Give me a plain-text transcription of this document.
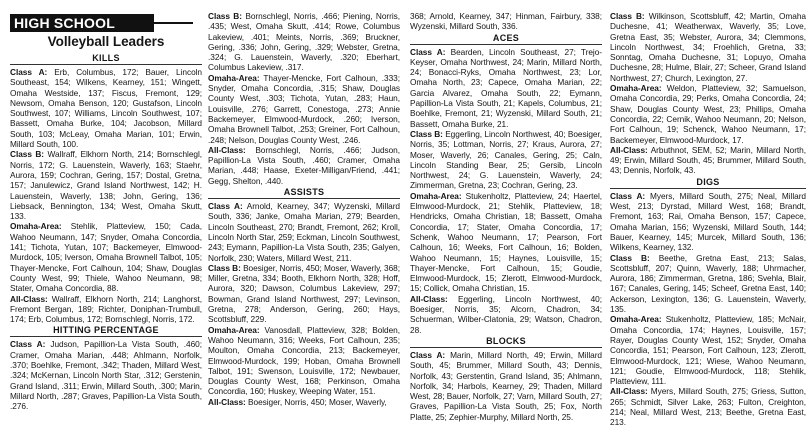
HIGH SCHOOL
Volleyball Leaders
KILLS

Class A: Erb, Columbus, 172; Bauer, Lincoln Southeast, 154; Wilkens, Kearney, 151; Wingett, Omaha Westside, 137; Fiscus, Fremont, 129; Newsom, Omaha Benson, 120; Gustafson, Lincoln Southwest, 107; Williams, Lincoln Southwest, 107; Bassett, Omaha Burke, 104; Jacobson, Millard South, 103; McLeay, Omaha Marian, 101; Erwin, Millard South, 100.

Class B: Wallraff, Elkhorn North, 214; Bornschlegl, Norris, 172; G. Lauenstein, Waverly, 163; Staehr, Aurora, 159; Cochran, Gering, 157; Dostal, Gretna, 157; Janulewicz, Grand Island Northwest, 142; H. Lauenstein, Waverly, 138; John, Gering, 136; Liebsack, Bennington, 134; West, Omaha Skutt, 133.

Omaha-Area: Stehlik, Platteview, 150; Cada, Wahoo Neumann, 147; Snyder, Omaha Concordia, 141; Tichota, Yutan, 107; Backemeyer, Elmwood-Murdock, 105; Iverson, Omaha Brownell Talbot, 105; Thayer-Mencke, Fort Calhoun, 104; Shaw, Douglas County West, 99; Thiele, Wahoo Neumann, 98; Stater, Omaha Concordia, 88.

All-Class: Wallraff, Elkhorn North, 214; Langhorst, Fremont Bergan, 189; Richter, Doniphan-Trumbull, 174; Erb, Columbus, 172; Bornschlegl, Norris, 172.

HITTING PERCENTAGE

Class A: Judson, Papillion-La Vista South, .460; Cramer, Omaha Marian, .448; Ahlmann, Norfolk, .370; Boehlke, Fremont, .342; Thaden, Millard West, .324; McKernan, Lincoln North Star, .312; Gerstenin, Grand Island, .311; Erwin, Millard South, .300; Marin, Millard North, .287; Graves, Papillion-La Vista South, .276.

Class B: Bornschlegl, Norris, .466; Piening, Norris, .435; West, Omaha Skutt, .414; Rowe, Columbus Lakeview, .401; Meints, Norris, .369; Bruckner, Gering, .336; John, Gering, .329; Webster, Gretna, .324; G. Lauenstein, Waverly, .320; Eberhart, Columbus Lakeview, .317.

Omaha-Area: Thayer-Mencke, Fort Calhoun, .333; Snyder, Omaha Concordia, .315; Shaw, Douglas County West, .303; Tichota, Yutan, .283; Haun, Louisville, .276; Garrett, Conestoga, .273; Annie Backemeyer, Elmwood-Murdock, .260; Iverson, Omaha Brownell Talbot, .253; Greiner, Fort Calhoun, .248; Nelson, Douglas County West, .246.

All-Class: Bornschlegl, Norris, .466; Judson, Papillion-La Vista South, .460; Cramer, Omaha Marian, .448; Haase, Exeter-Milligan/Friend, .441; Gegg, Shelton, .440.

ASSISTS

Class A: Arnold, Kearney, 347; Wyzenski, Millard South, 336; Janke, Omaha Marian, 279; Bearden, Lincoln Southeast, 270; Brandt, Fremont, 262; Kroll, Lincoln North Star, 259; Eckman, Lincoln Southwest, 243; Eymann, Papillion-La Vista South, 235; Galyen, Norfolk, 230; Waters, Millard West, 211.

Class B: Boesiger, Norris, 450; Moser, Waverly, 368; Miller, Gretna, 334; Booth, Elkhorn North, 328; Hoff, Aurora, 320; Dawson, Columbus Lakeview, 297; Bowman, Grand Island Northwest, 297; Levinson, Gretna, 278; Anderson, Gering, 260; Hays, Scottsbluff, 229.

Omaha-Area: Vanosdall, Platteview, 328; Bolden, Wahoo Neumann, 316; Weeks, Fort Calhoun, 235; Moulton, Omaha Concordia, 213; Backemeyer, Elmwood-Murdock, 199; Hoban, Omaha Brownell Talbot, 191; Swenson, Louisville, 172; Newbauer, Douglas County West, 168; Perkinson, Omaha Concordia, 160; Huskey, Weeping Water, 151.

All-Class: Boesiger, Norris, 450; Moser, Waverly,

368; Arnold, Kearney, 347; Hinman, Fairbury, 338; Wyzenski, Millard South, 336.

ACES

Class A: Bearden, Lincoln Southeast, 27; Trejo-Keyser, Omaha Northwest, 24; Marin, Millard North, 24; Bonacci-Ryks, Omaha Northwest, 23; Lor, Omaha North, 23; Capece, Omaha Marian, 22; Garcia Alvarez, Omaha South, 22; Eymann, Papillion-La Vista South, 21; Kapels, Columbus, 21; Boehlke, Fremont, 21; Wyzenski, Millard South, 21; Bassett, Omaha Burke, 21.

Class B: Eggerling, Lincoln Northwest, 40; Boesiger, Norris, 35; Lottman, Norris, 27; Kraus, Aurora, 27; Moser, Waverly, 26; Canales, Gering, 25; Caln, Lincoln Standing Bear, 25; Gersib, Lincoln Northwest, 24; G. Lauenstein, Waverly, 24; Zimmerman, Gretna, 23; Cochran, Gering, 23.

Omaha-Area: Stukenholtz, Platteview, 24; Haertel, Elmwood-Murdock, 21; Stehlik, Platteview, 18; Hendricks, Omaha Christian, 18; Bassett, Omaha Concordia, 17; Stater, Omaha Concordia, 17; Schenk, Wahoo Neumann, 17; Pearson, Fort Calhoun, 16; Weeks, Fort Calhoun, 16; Bolden, Wahoo Neumann, 15; Haynes, Louisville, 15; Thayer-Mencke, Fort Calhoun, 15; Goudie, Elmwood-Murdock, 15; Zlerott, Elmwood-Murdock, 15; Collick, Omaha Christian, 15.

All-Class: Eggerling, Lincoln Northwest, 40; Boesiger, Norris, 35; Alcorn, Chadron, 34; Schuerman, Wilber-Clatonia, 29; Watson, Chadron, 28.

BLOCKS

Class A: Marin, Millard North, 49; Erwin, Millard South, 45; Brummer, Millard South, 43; Dennis, Norfolk, 43; Gerstentin, Grand Island, 35; Ahlmann, Norfolk, 34; Harbols, Kearney, 29; Thaden, Millard West, 28; Bauer, Norfolk, 27; Varn, Millard South, 27; Graves, Papillion-La Vista South, 25; Fox, North Platte, 25; Zephier-Murphy, Millard North, 25.

Class B: Wilkinson, Scottsbluff, 42; Martin, Omaha Duchesne, 41; Weatherwax, Waverly, 35; Love, Gretna East, 35; Webster, Aurora, 34; Clemmons, Lincoln Northwest, 34; Froehlich, Gretna, 33; Sonntag, Omaha Duchesne, 31; Lopuyo, Omaha Duchesne, 28; Hulme, Blair, 27; Scheer, Grand Island Northwest, 27; Church, Lexington, 27.

Omaha-Area: Weldon, Platteview, 32; Samuelson, Omaha Concordia, 29; Perks, Omaha Concordia, 24; Shaw, Douglas County West, 23; Phillips, Omaha Concordia, 22; Cernik, Wahoo Neumann, 20; Nelson, Fort Calhoun, 19; Schenck, Wahoo Neumann, 17; Backemeyer, Elmwood-Murdock, 17.

All-Class: Arbuthnot, SEM, 52; Marin, Millard North, 49; Erwin, Millard South, 45; Brummer, Millard South, 43; Dennis, Norfolk, 43.

DIGS

Class A: Myers, Millard South, 275; Neal, Millard West, 213; Dyrstad, Millard West, 168; Brandt, Fremont, 163; Rai, Omaha Benson, 157; Capece, Omaha Marian, 156; Wyzenski, Millard South, 144; Bauer, Kearney, 145; Murcek, Millard South, 136; Wilkens, Kearney, 132.

Class B: Beethe, Gretna East, 213; Salas, Scottsbluff, 207; Quinn, Waverly, 188; Uhrmacher, Aurora, 186; Zimmerman, Gretna, 186; Svehla, Blair, 167; Canales, Gering, 145; Scheef, Gretna East, 140; Ackerson, Lexington, 136; G. Lauenstein, Waverly, 135.

Omaha-Area: Stukenholtz, Platteview, 185; McNair, Omaha Concordia, 174; Haynes, Louisville, 157; Rayer, Douglas County West, 152; Snyder, Omaha Concordia, 151; Pearson, Fort Calhoun, 123; Zlerott, Elmwood-Murdock, 121; Wiese, Wahoo Neumann, 121; Goudie, Elmwood-Murdock, 118; Stehlik, Platteview, 111.

All-Class: Myers, Millard South, 275; Griess, Sutton, 265; Schmidt, Silver Lake, 263; Fulton, Creighton, 214; Neal, Millard West, 213; Beethe, Gretna East, 213.
